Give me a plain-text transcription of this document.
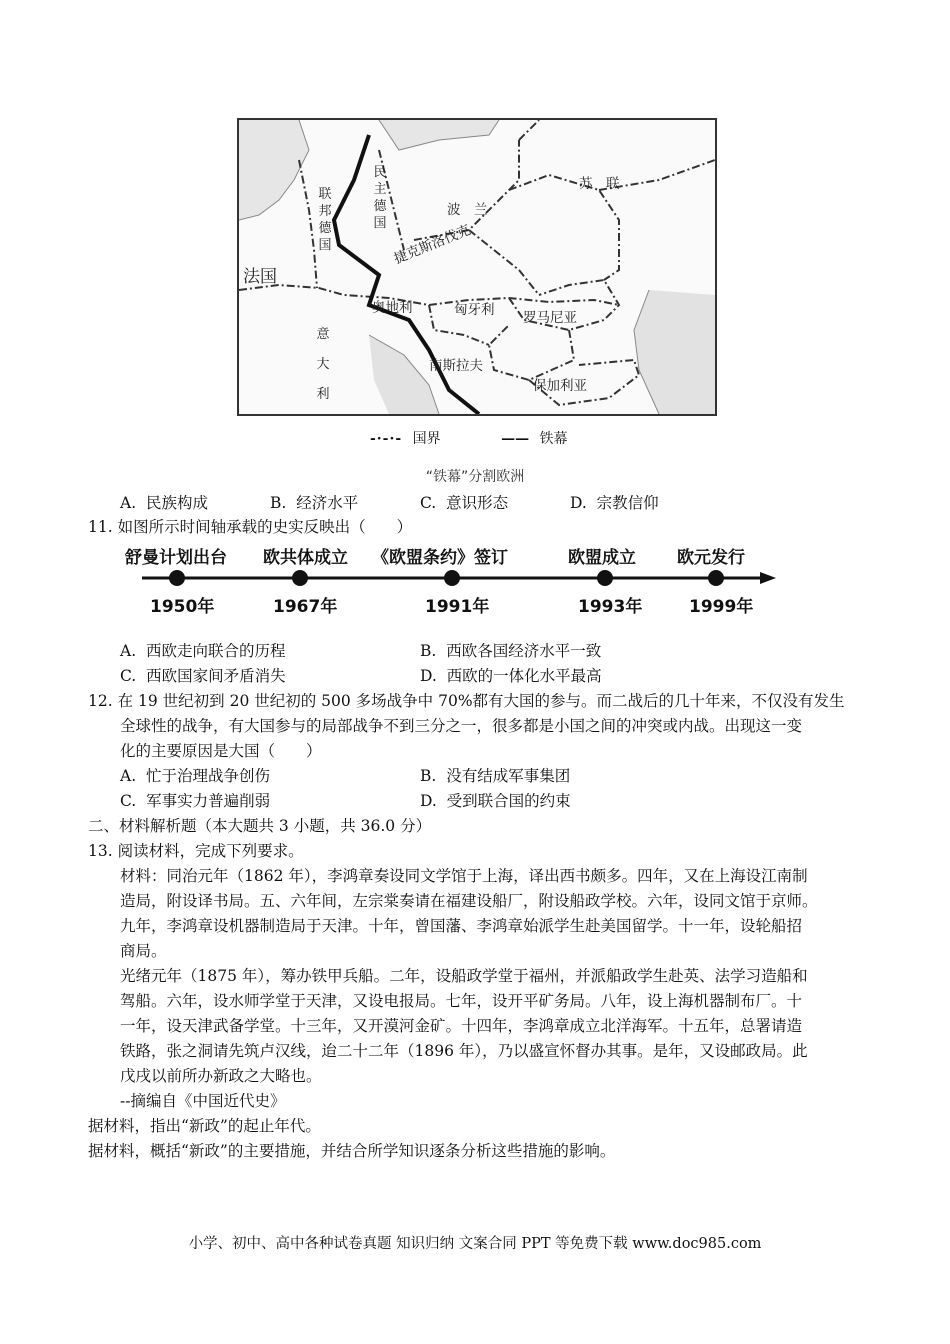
苏　联
波　兰
民主德国
联邦德国
法国
捷克斯洛伐克
奥地利	匈牙利 罗马尼亚
意大利
南斯拉夫
保加利亚
-·-·- 国界	—— 铁幕
“铁幕”分割欧洲
A. 民族构成	B. 经济水平	C. 意识形态	D. 宗教信仰
11. 如图所示时间轴承载的史实反映出（　　）
舒曼计划出台 欧共体成立 《欧盟条约》签订	欧盟成立 欧元发行
1950年	1967年	1991年	1993年	1999年
A. 西欧走向联合的历程	B. 西欧各国经济水平一致
C. 西欧国家间矛盾消失	D. 西欧的一体化水平最高
12. 在 19 世纪初到 20 世纪初的 500 多场战争中 70%都有大国的参与。而二战后的几十年来，不仅没有发生
全球性的战争，有大国参与的局部战争不到三分之一，很多都是小国之间的冲突或内战。出现这一变
化的主要原因是大国（　　）
A. 忙于治理战争创伤	B. 没有结成军事集团
C. 军事实力普遍削弱	D. 受到联合国的约束
二、材料解析题（本大题共 3 小题，共 36.0 分）
13. 阅读材料，完成下列要求。
材料：同治元年（1862 年），李鸿章奏设同文学馆于上海，译出西书颇多。四年，又在上海设江南制
造局，附设译书局。五、六年间，左宗棠奏请在福建设船厂，附设船政学校。六年，设同文馆于京师。
九年，李鸿章设机器制造局于天津。十年，曾国藩、李鸿章始派学生赴美国留学。十一年，设轮船招
商局。
光绪元年（1875 年），筹办铁甲兵船。二年，设船政学堂于福州，并派船政学生赴英、法学习造船和
驾船。六年，设水师学堂于天津，又设电报局。七年，设开平矿务局。八年，设上海机器制布厂。十
一年，设天津武备学堂。十三年，又开漠河金矿。十四年，李鸿章成立北洋海军。十五年，总署请造
铁路，张之洞请先筑卢汉线，迨二十二年（1896 年），乃以盛宣怀督办其事。是年，又设邮政局。此
戊戌以前所办新政之大略也。
--摘编自《中国近代史》
据材料，指出“新政”的起止年代。
据材料，概括“新政”的主要措施，并结合所学知识逐条分析这些措施的影响。
小学、初中、高中各种试卷真题 知识归纳 文案合同 PPT 等免费下载 www.doc985.com
